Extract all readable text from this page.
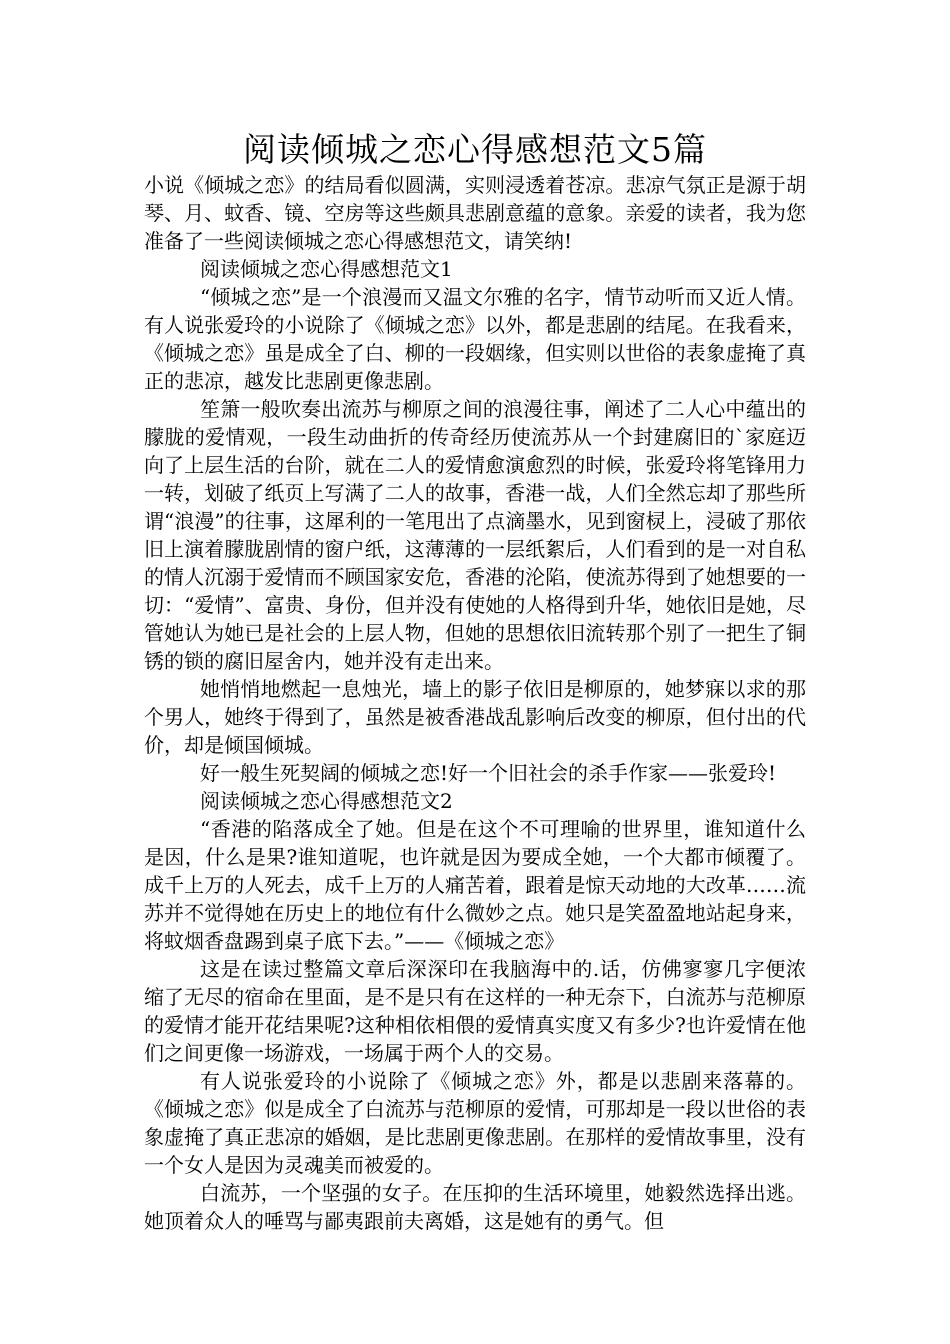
阅读倾城之恋心得感想范文5篇

小说《倾城之恋》的结局看似圆满，实则浸透着苍凉。悲凉气氛正是源于胡琴、月、蚊香、镜、空房等这些颇具悲剧意蕴的意象。亲爱的读者，我为您准备了一些阅读倾城之恋心得感想范文，请笑纳!

阅读倾城之恋心得感想范文1

“倾城之恋”是一个浪漫而又温文尔雅的名字，情节动听而又近人情。有人说张爱玲的小说除了《倾城之恋》以外，都是悲剧的结尾。在我看来，《倾城之恋》虽是成全了白、柳的一段姻缘，但实则以世俗的表象虚掩了真正的悲凉，越发比悲剧更像悲剧。

笙箫一般吹奏出流苏与柳原之间的浪漫往事，阐述了二人心中蕴出的朦胧的爱情观，一段生动曲折的传奇经历使流苏从一个封建腐旧的`家庭迈向了上层生活的台阶，就在二人的爱情愈演愈烈的时候，张爱玲将笔锋用力一转，划破了纸页上写满了二人的故事，香港一战，人们全然忘却了那些所谓“浪漫”的往事，这犀利的一笔甩出了点滴墨水，见到窗棂上，浸破了那依旧上演着朦胧剧情的窗户纸，这薄薄的一层纸絮后，人们看到的是一对自私的情人沉溺于爱情而不顾国家安危，香港的沦陷，使流苏得到了她想要的一切：“爱情”、富贵、身份，但并没有使她的人格得到升华，她依旧是她，尽管她认为她已是社会的上层人物，但她的思想依旧流转那个别了一把生了铜锈的锁的腐旧屋舍内，她并没有走出来。

她悄悄地燃起一息烛光，墙上的影子依旧是柳原的，她梦寐以求的那个男人，她终于得到了，虽然是被香港战乱影响后改变的柳原，但付出的代价，却是倾国倾城。

好一般生死契阔的倾城之恋!好一个旧社会的杀手作家——张爱玲!

阅读倾城之恋心得感想范文2

“香港的陷落成全了她。但是在这个不可理喻的世界里，谁知道什么是因，什么是果?谁知道呢，也许就是因为要成全她，一个大都市倾覆了。成千上万的人死去，成千上万的人痛苦着，跟着是惊天动地的大改革……流苏并不觉得她在历史上的地位有什么微妙之点。她只是笑盈盈地站起身来，将蚊烟香盘踢到桌子底下去。”——《倾城之恋》

这是在读过整篇文章后深深印在我脑海中的.话，仿佛寥寥几字便浓缩了无尽的宿命在里面，是不是只有在这样的一种无奈下，白流苏与范柳原的爱情才能开花结果呢?这种相依相偎的爱情真实度又有多少?也许爱情在他们之间更像一场游戏，一场属于两个人的交易。

有人说张爱玲的小说除了《倾城之恋》外，都是以悲剧来落幕的。《倾城之恋》似是成全了白流苏与范柳原的爱情，可那却是一段以世俗的表象虚掩了真正悲凉的婚姻，是比悲剧更像悲剧。在那样的爱情故事里，没有一个女人是因为灵魂美而被爱的。

白流苏，一个坚强的女子。在压抑的生活环境里，她毅然选择出逃。她顶着众人的唾骂与鄙夷跟前夫离婚，这是她有的勇气。但
